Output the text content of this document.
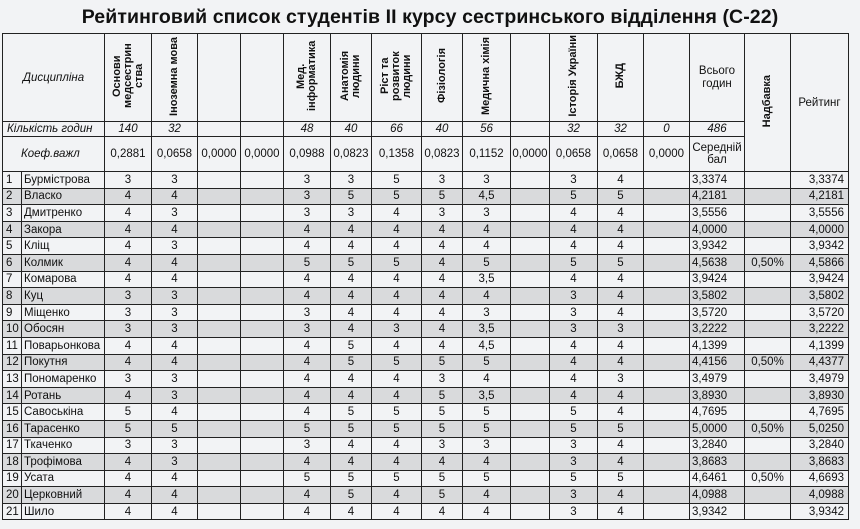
Рейтинговий список студентів ІІ курсу сестринського відділення (С-22)
Дисципліна		Основи медсестрин ства	Іноземна мова			Мед. інформатика	Анатомія людини	Ріст та розвиток людини	Фізіологія	Медична хімія		Історія України	БЖД		Всього годин	Надбавка	Рейтинг
Кількість годин		140	32			48	40	66	40	56		32	32	0	486		
Коеф.важл		0,2881	0,0658	0,0000	0,0000	0,0988	0,0823	0,1358	0,0823	0,1152	0,0000	0,0658	0,0658	0,0000	Середній бал		
1	Бурмістрова	3	3			3	3	5	3	3		3	4		3,3374		3,3374
2	Власко	4	4			3	5	5	5	4,5		5	5		4,2181		4,2181
3	Дмитренко	4	3			3	3	4	3	3		4	4		3,5556		3,5556
4	Закора	4	4			4	4	4	4	4		4	4		4,0000		4,0000
5	Кліщ	4	3			4	4	4	4	4		4	4		3,9342		3,9342
6	Колмик	4	4			5	5	5	4	5		5	5		4,5638	0,50%	4,5866
7	Комарова	4	4			4	4	4	4	3,5		4	4		3,9424		3,9424
8	Куц	3	3			4	4	4	4	4		3	4		3,5802		3,5802
9	Міщенко	3	3			3	4	4	4	3		3	4		3,5720		3,5720
10	Обосян	3	3			3	4	3	4	3,5		3	3		3,2222		3,2222
11	Поварьонкова	4	4			4	5	4	4	4,5		4	4		4,1399		4,1399
12	Покутня	4	4			4	5	5	5	5		4	4		4,4156	0,50%	4,4377
13	Пономаренко	3	3			4	4	4	3	4		4	3		3,4979		3,4979
14	Ротань	4	3			4	4	4	5	3,5		4	4		3,8930		3,8930
15	Савоськіна	5	4			4	5	5	5	5		5	4		4,7695		4,7695
16	Тарасенко	5	5			5	5	5	5	5		5	5		5,0000	0,50%	5,0250
17	Ткаченко	3	3			3	4	4	3	3		3	4		3,2840		3,2840
18	Трофімова	4	3			4	4	4	4	4		3	4		3,8683		3,8683
19	Усата	4	4			5	5	5	5	5		5	5		4,6461	0,50%	4,6693
20	Церковний	4	4			4	5	4	5	4		3	4		4,0988		4,0988
21	Шило	4	4			4	4	4	4	4		3	4		3,9342		3,9342
